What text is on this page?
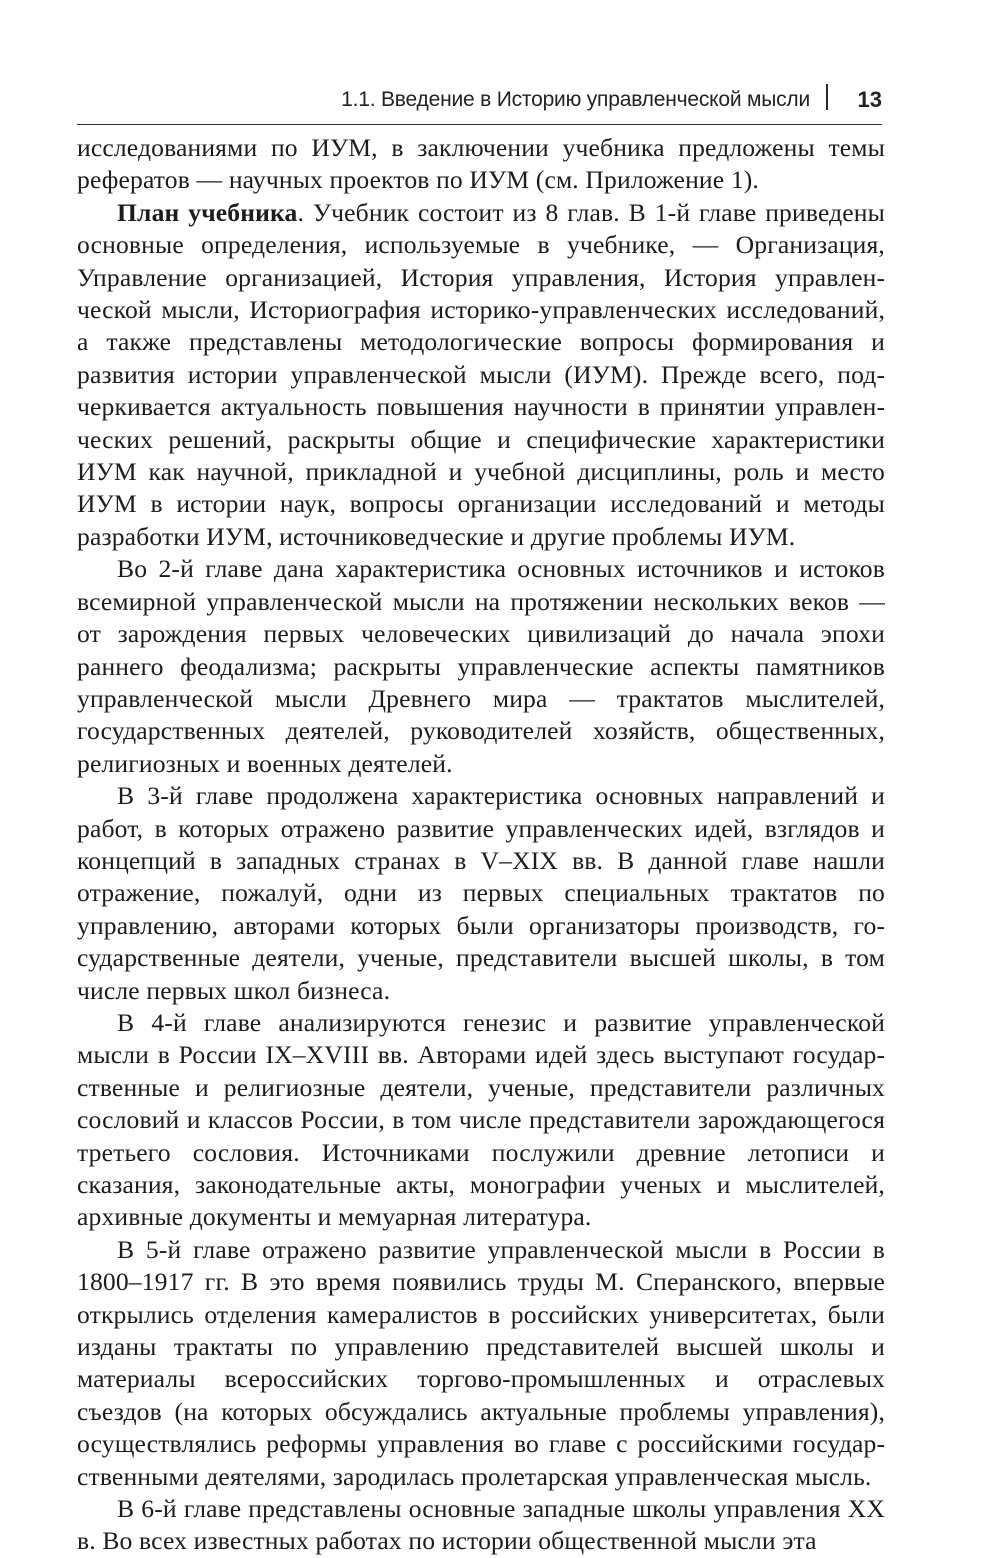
1.1. Введение в Историю управленческой мысли 13

исследованиями по ИУМ, в заключении учебника предложены темы рефератов — научных проектов по ИУМ (см. Приложение 1).

План учебника. Учебник состоит из 8 глав. В 1-й главе приведены основные определения, используемые в учебнике, — Организация, Управление организацией, История управления, История управленческой мысли, Историография историко-управленческих исследований, а также представлены методологические вопросы формирования и развития истории управленческой мысли (ИУМ). Прежде всего, подчеркивается актуальность повышения научности в принятии управленческих решений, раскрыты общие и специфические характеристики ИУМ как научной, прикладной и учебной дисциплины, роль и место ИУМ в истории наук, вопросы организации исследований и методы разработки ИУМ, источниковедческие и другие проблемы ИУМ.

Во 2-й главе дана характеристика основных источников и истоков всемирной управленческой мысли на протяжении нескольких веков — от зарождения первых человеческих цивилизаций до начала эпохи раннего феодализма; раскрыты управленческие аспекты памятников управленческой мысли Древнего мира — трактатов мыслителей, государственных деятелей, руководителей хозяйств, общественных, религиозных и военных деятелей.

В 3-й главе продолжена характеристика основных направлений и работ, в которых отражено развитие управленческих идей, взглядов и концепций в западных странах в V–XIX вв. В данной главе нашли отражение, пожалуй, одни из первых специальных трактатов по управлению, авторами которых были организаторы производств, государственные деятели, ученые, представители высшей школы, в том числе первых школ бизнеса.

В 4-й главе анализируются генезис и развитие управленческой мысли в России IX–XVIII вв. Авторами идей здесь выступают государственные и религиозные деятели, ученые, представители различных сословий и классов России, в том числе представители зарождающегося третьего сословия. Источниками послужили древние летописи и сказания, законодательные акты, монографии ученых и мыслителей, архивные документы и мемуарная литература.

В 5-й главе отражено развитие управленческой мысли в России в 1800–1917 гг. В это время появились труды М. Сперанского, впервые открылись отделения камералистов в российских университетах, были изданы трактаты по управлению представителей высшей школы и материалы всероссийских торгово-промышленных и отраслевых съездов (на которых обсуждались актуальные проблемы управления), осуществлялись реформы управления во главе с российскими государственными деятелями, зародилась пролетарская управленческая мысль.

В 6-й главе представлены основные западные школы управления XX в. Во всех известных работах по истории общественной мысли эта
